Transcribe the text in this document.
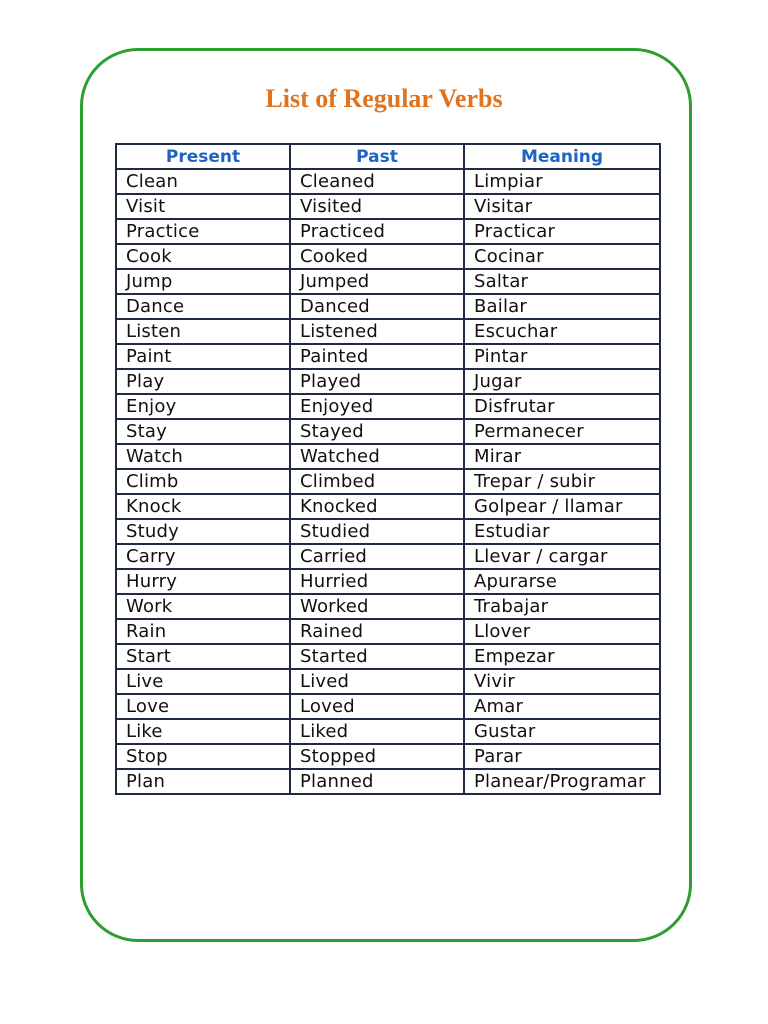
List of Regular Verbs
Present	Past	Meaning
Clean	Cleaned	Limpiar
Visit	Visited	Visitar
Practice	Practiced	Practicar
Cook	Cooked	Cocinar
Jump	Jumped	Saltar
Dance	Danced	Bailar
Listen	Listened	Escuchar
Paint	Painted	Pintar
Play	Played	Jugar
Enjoy	Enjoyed	Disfrutar
Stay	Stayed	Permanecer
Watch	Watched	Mirar
Climb	Climbed	Trepar / subir
Knock	Knocked	Golpear / llamar
Study	Studied	Estudiar
Carry	Carried	Llevar / cargar
Hurry	Hurried	Apurarse
Work	Worked	Trabajar
Rain	Rained	Llover
Start	Started	Empezar
Live	Lived	Vivir
Love	Loved	Amar
Like	Liked	Gustar
Stop	Stopped	Parar
Plan	Planned	Planear/Programar
